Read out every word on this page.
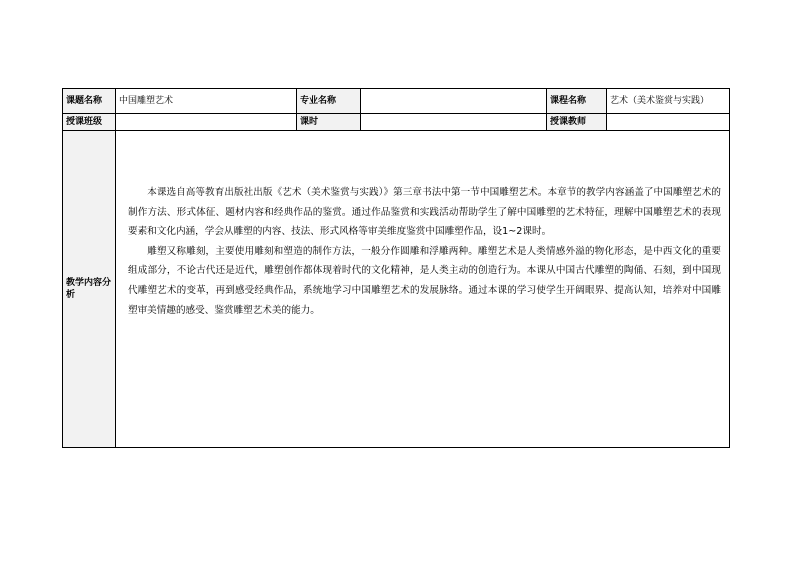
课题名称	中国雕塑艺术	专业名称		课程名称	艺术（美术鉴赏与实践）
授课班级		课时		授课教师	
教学内容分析	本课选自高等教育出版社出版《艺术（美术鉴赏与实践）》第三章书法中第一节中国雕塑艺术。本章节的教学内容涵盖了中国雕塑艺术的制作方法、形式体征、题材内容和经典作品的鉴赏。通过作品鉴赏和实践活动帮助学生了解中国雕塑的艺术特征，理解中国雕塑艺术的表现要素和文化内涵，学会从雕塑的内容、技法、形式风格等审美维度鉴赏中国雕塑作品，设1~2课时。

雕塑又称雕刻，主要使用雕刻和塑造的制作方法，一般分作圆雕和浮雕两种。雕塑艺术是人类情感外溢的物化形态，是中西文化的重要组成部分，不论古代还是近代，雕塑创作都体现着时代的文化精神，是人类主动的创造行为。本课从中国古代雕塑的陶俑、石刻，到中国现代雕塑艺术的变革，再到感受经典作品，系统地学习中国雕塑艺术的发展脉络。通过本课的学习使学生开阔眼界、提高认知，培养对中国雕塑审美情趣的感受、鉴赏雕塑艺术美的能力。				
